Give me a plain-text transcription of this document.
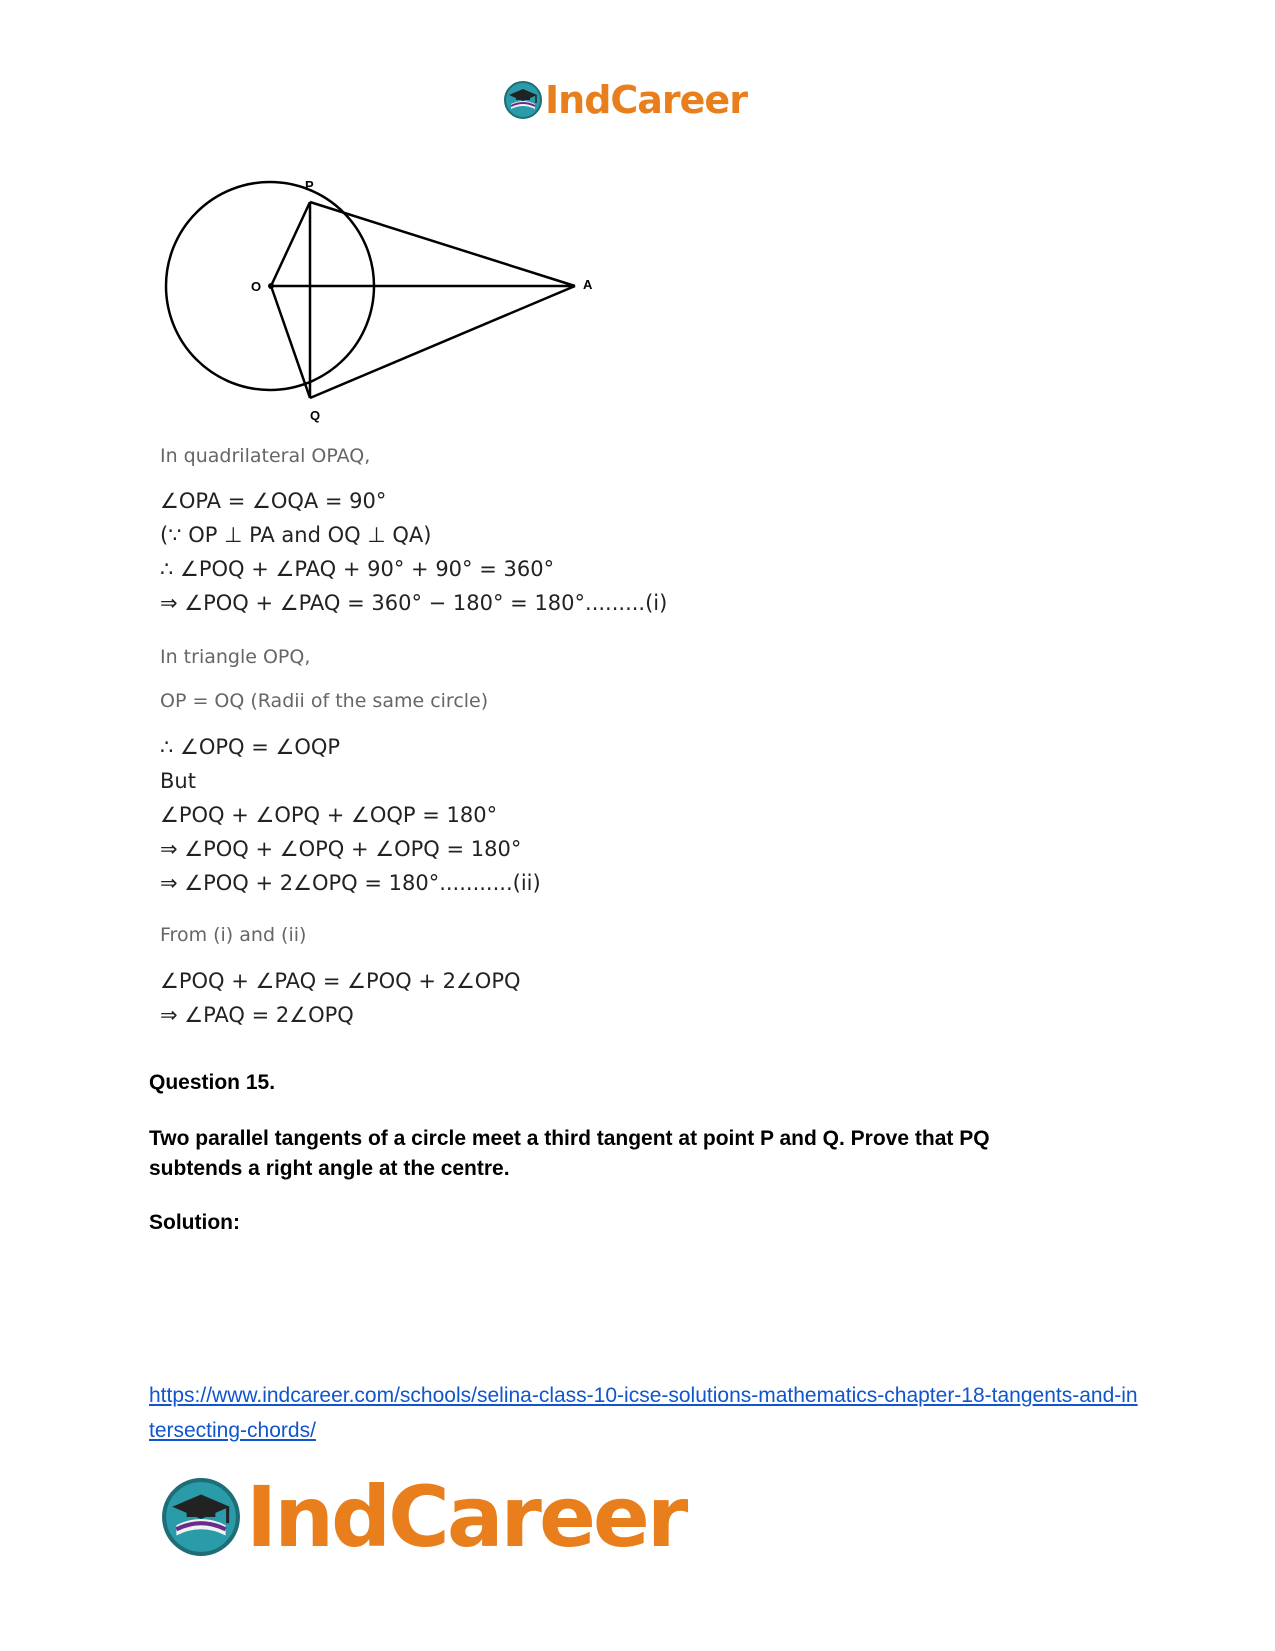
IndCareer
P
O	A
Q
In quadrilateral OPAQ,
∠OPA = ∠OQA = 90°
(∵ OP ⊥ PA and OQ ⊥ QA)
∴ ∠POQ + ∠PAQ + 90° + 90° = 360°
⇒ ∠POQ + ∠PAQ = 360° − 180° = 180°.........(i)
In triangle OPQ,
OP = OQ (Radii of the same circle)
∴ ∠OPQ = ∠OQP
But
∠POQ + ∠OPQ + ∠OQP = 180°
⇒ ∠POQ + ∠OPQ + ∠OPQ = 180°
⇒ ∠POQ + 2∠OPQ = 180°...........(ii)
From (i) and (ii)
∠POQ + ∠PAQ = ∠POQ + 2∠OPQ
⇒ ∠PAQ = 2∠OPQ
Question 15.
Two parallel tangents of a circle meet a third tangent at point P and Q. Prove that PQ
subtends a right angle at the centre.
Solution:
https://www.indcareer.com/schools/selina-class-10-icse-solutions-mathematics-chapter-18-tangents-and-intersecting-chords/
IndCareer
